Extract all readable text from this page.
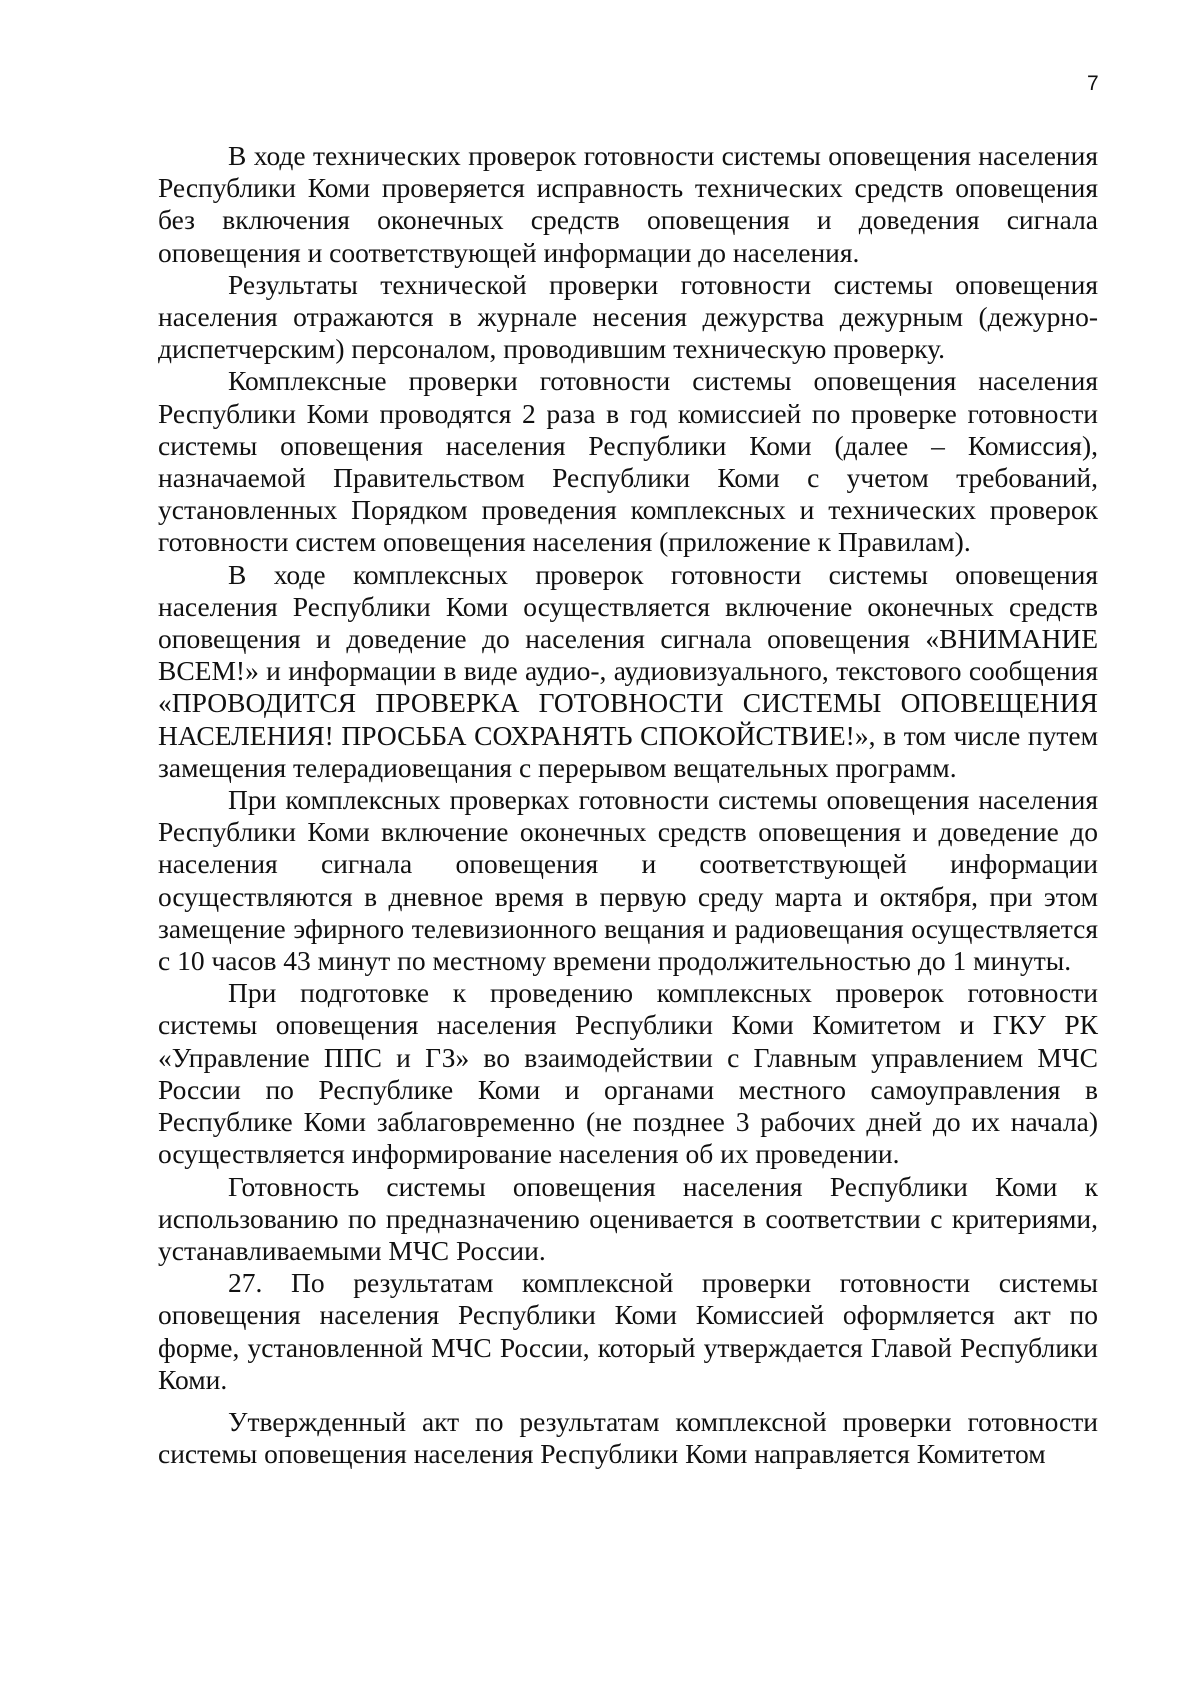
7

В ходе технических проверок готовности системы оповещения населения Республики Коми проверяется исправность технических средств оповещения без включения оконечных средств оповещения и доведения сигнала оповещения и соответствующей информации до населения.

Результаты технической проверки готовности системы оповещения населения отражаются в журнале несения дежурства дежурным (дежурно-диспетчерским) персоналом, проводившим техническую проверку.

Комплексные проверки готовности системы оповещения населения Республики Коми проводятся 2 раза в год комиссией по проверке готовности системы оповещения населения Республики Коми (далее – Комиссия), назначаемой Правительством Республики Коми с учетом требований, установленных Порядком проведения комплексных и технических проверок готовности систем оповещения населения (приложение к Правилам).

В ходе комплексных проверок готовности системы оповещения населения Республики Коми осуществляется включение оконечных средств оповещения и доведение до населения сигнала оповещения «ВНИМАНИЕ ВСЕМ!» и информации в виде аудио-, аудиовизуального, текстового сообщения «ПРОВОДИТСЯ ПРОВЕРКА ГОТОВНОСТИ СИСТЕМЫ ОПОВЕЩЕНИЯ НАСЕЛЕНИЯ! ПРОСЬБА СОХРАНЯТЬ СПОКОЙСТВИЕ!», в том числе путем замещения телерадиовещания с перерывом вещательных программ.

При комплексных проверках готовности системы оповещения населения Республики Коми включение оконечных средств оповещения и доведение до населения сигнала оповещения и соответствующей информации осуществляются в дневное время в первую среду марта и октября, при этом замещение эфирного телевизионного вещания и радиовещания осуществляется с 10 часов 43 минут по местному времени продолжительностью до 1 минуты.

При подготовке к проведению комплексных проверок готовности системы оповещения населения Республики Коми Комитетом и ГКУ РК «Управление ППС и ГЗ» во взаимодействии с Главным управлением МЧС России по Республике Коми и органами местного самоуправления в Республике Коми заблаговременно (не позднее 3 рабочих дней до их начала) осуществляется информирование населения об их проведении.

Готовность системы оповещения населения Республики Коми к использованию по предназначению оценивается в соответствии с критериями, устанавливаемыми МЧС России.

27. По результатам комплексной проверки готовности системы оповещения населения Республики Коми Комиссией оформляется акт по форме, установленной МЧС России, который утверждается Главой Республики Коми.

Утвержденный акт по результатам комплексной проверки готовности системы оповещения населения Республики Коми направляется Комитетом
